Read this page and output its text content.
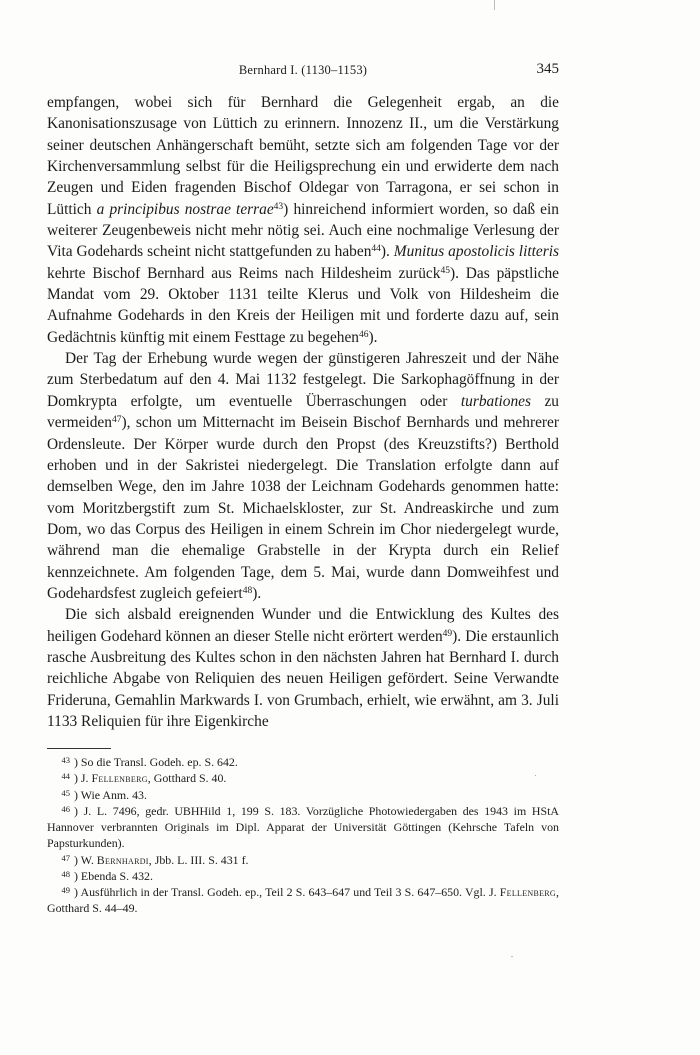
Bernhard I. (1130–1153)	345

empfangen, wobei sich für Bernhard die Gelegenheit ergab, an die Kanonisationszusage von Lüttich zu erinnern. Innozenz II., um die Verstärkung seiner deutschen Anhängerschaft bemüht, setzte sich am folgenden Tage vor der Kirchenversammlung selbst für die Heiligsprechung ein und erwiderte dem nach Zeugen und Eiden fragenden Bischof Oldegar von Tarragona, er sei schon in Lüttich a principibus nostrae terrae$^{43}$) hinreichend informiert worden, so daß ein weiterer Zeugenbeweis nicht mehr nötig sei. Auch eine nochmalige Verlesung der Vita Godehards scheint nicht stattgefunden zu haben$^{44}$). Munitus apostolicis litteris kehrte Bischof Bernhard aus Reims nach Hildesheim zurück$^{45}$). Das päpstliche Mandat vom 29. Oktober 1131 teilte Klerus und Volk von Hildesheim die Aufnahme Godehards in den Kreis der Heiligen mit und forderte dazu auf, sein Gedächtnis künftig mit einem Festtage zu begehen$^{46}$).

Der Tag der Erhebung wurde wegen der günstigeren Jahreszeit und der Nähe zum Sterbedatum auf den 4. Mai 1132 festgelegt. Die Sarkophagöffnung in der Domkrypta erfolgte, um eventuelle Überraschungen oder turbationes zu vermeiden$^{47}$), schon um Mitternacht im Beisein Bischof Bernhards und mehrerer Ordensleute. Der Körper wurde durch den Propst (des Kreuzstifts?) Berthold erhoben und in der Sakristei niedergelegt. Die Translation erfolgte dann auf demselben Wege, den im Jahre 1038 der Leichnam Godehards genommen hatte: vom Moritzbergstift zum St. Michaelskloster, zur St. Andreaskirche und zum Dom, wo das Corpus des Heiligen in einem Schrein im Chor niedergelegt wurde, während man die ehemalige Grabstelle in der Krypta durch ein Relief kennzeichnete. Am folgenden Tage, dem 5. Mai, wurde dann Domweihfest und Godehardsfest zugleich gefeiert$^{48}$).

Die sich alsbald ereignenden Wunder und die Entwicklung des Kultes des heiligen Godehard können an dieser Stelle nicht erörtert werden$^{49}$). Die erstaunlich rasche Ausbreitung des Kultes schon in den nächsten Jahren hat Bernhard I. durch reichliche Abgabe von Reliquien des neuen Heiligen gefördert. Seine Verwandte Frideruna, Gemahlin Markwards I. von Grumbach, erhielt, wie erwähnt, am 3. Juli 1133 Reliquien für ihre Eigenkirche

$^{43}$ ) So die Transl. Godeh. ep. S. 642.

$^{44}$ ) J. Fellenberg, Gotthard S. 40.

$^{45}$ ) Wie Anm. 43.

$^{46}$ ) J. L. 7496, gedr. UBHHild 1, 199 S. 183. Vorzügliche Photowiedergaben des 1943 im HStA Hannover verbrannten Originals im Dipl. Apparat der Universität Göttingen (Kehrsche Tafeln von Papsturkunden).

$^{47}$ ) W. Bernhardi, Jbb. L. III. S. 431 f.

$^{48}$ ) Ebenda S. 432.

$^{49}$ ) Ausführlich in der Transl. Godeh. ep., Teil 2 S. 643–647 und Teil 3 S. 647–650. Vgl. J. Fellenberg, Gotthard S. 44–49.
